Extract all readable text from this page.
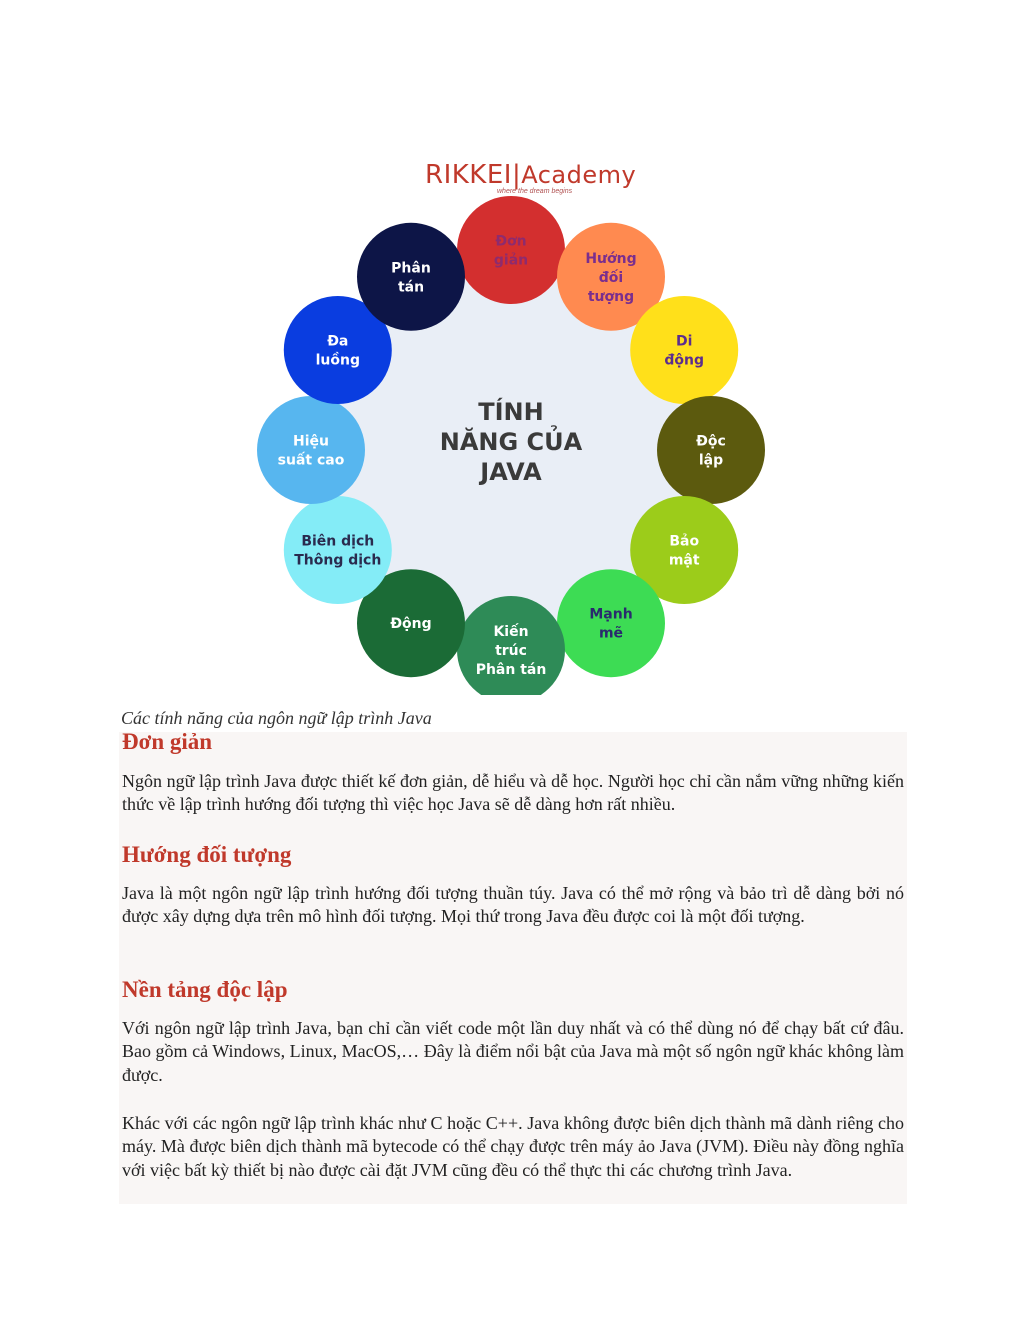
RIKKEI|Academy
where the dream begins
TÍNH NĂNG CỦA JAVA
Đơn giản	Hướng đối tượng
Di động
Độc lập
Bảo mật
Mạnh mẽ
Kiến trúc Phân tán
Động
Biên dịch Thông dịch
Hiệu suất cao
Đa luồng
Phân tán
Các tính năng của ngôn ngữ lập trình Java
Đơn giản

Ngôn ngữ lập trình Java được thiết kế đơn giản, dễ hiểu và dễ học. Người học chỉ cần nắm vững những kiến thức về lập trình hướng đối tượng thì việc học Java sẽ dễ dàng hơn rất nhiều.

Hướng đối tượng

Java là một ngôn ngữ lập trình hướng đối tượng thuần túy. Java có thể mở rộng và bảo trì dễ dàng bởi nó được xây dựng dựa trên mô hình đối tượng. Mọi thứ trong Java đều được coi là một đối tượng.

Nền tảng độc lập

Với ngôn ngữ lập trình Java, bạn chỉ cần viết code một lần duy nhất và có thể dùng nó để chạy bất cứ đâu. Bao gồm cả Windows, Linux, MacOS,… Đây là điểm nổi bật của Java mà một số ngôn ngữ khác không làm được.

Khác với các ngôn ngữ lập trình khác như C hoặc C++. Java không được biên dịch thành mã dành riêng cho máy. Mà được biên dịch thành mã bytecode có thể chạy được trên máy ảo Java (JVM). Điều này đồng nghĩa với việc bất kỳ thiết bị nào được cài đặt JVM cũng đều có thể thực thi các chương trình Java.
